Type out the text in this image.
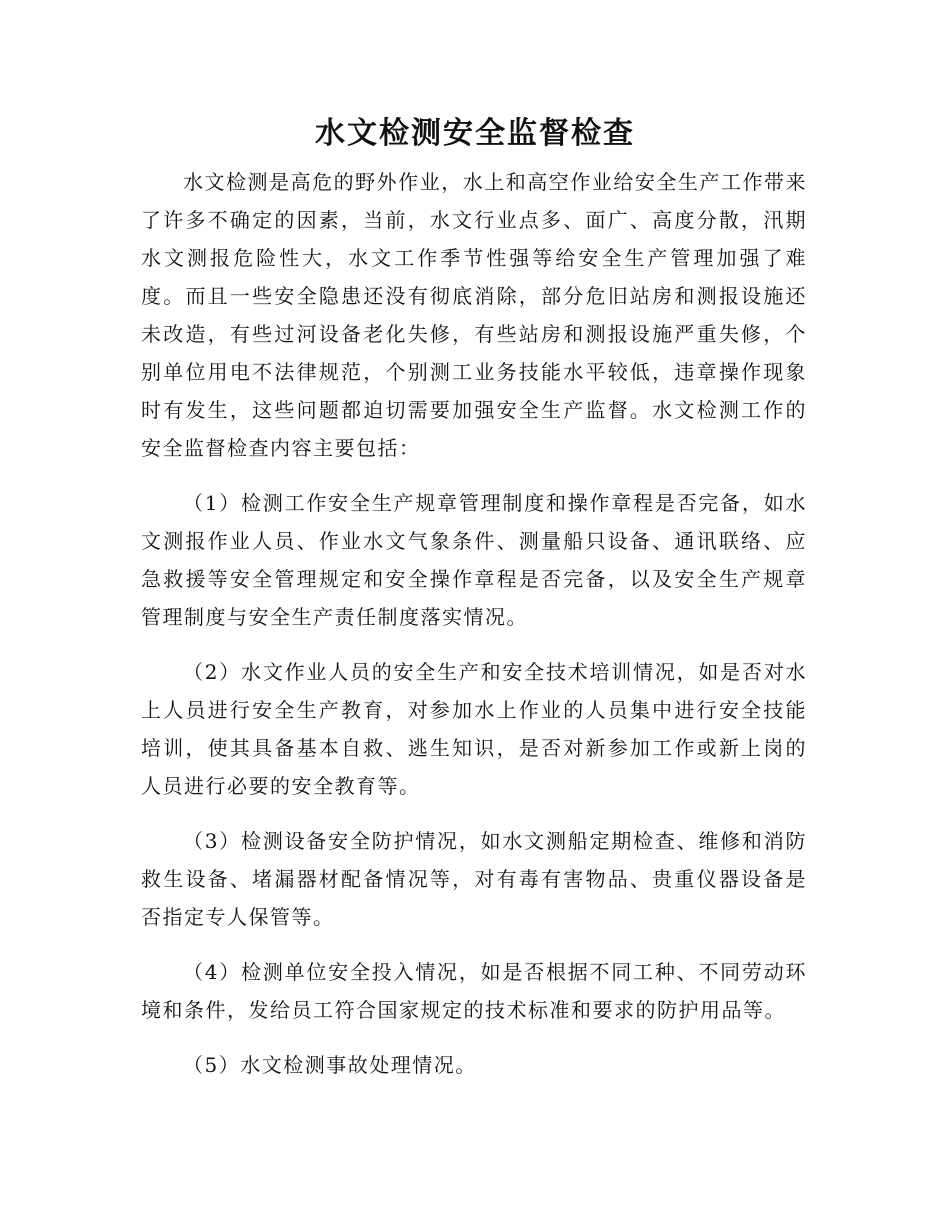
水文检测安全监督检查

水文检测是高危的野外作业，水上和高空作业给安全生产工作带来了许多不确定的因素，当前，水文行业点多、面广、高度分散，汛期水文测报危险性大，水文工作季节性强等给安全生产管理加强了难度。而且一些安全隐患还没有彻底消除，部分危旧站房和测报设施还未改造，有些过河设备老化失修，有些站房和测报设施严重失修，个别单位用电不法律规范，个别测工业务技能水平较低，违章操作现象时有发生，这些问题都迫切需要加强安全生产监督。水文检测工作的安全监督检查内容主要包括：

（1）检测工作安全生产规章管理制度和操作章程是否完备，如水文测报作业人员、作业水文气象条件、测量船只设备、通讯联络、应急救援等安全管理规定和安全操作章程是否完备，以及安全生产规章管理制度与安全生产责任制度落实情况。

（2）水文作业人员的安全生产和安全技术培训情况，如是否对水上人员进行安全生产教育，对参加水上作业的人员集中进行安全技能培训，使其具备基本自救、逃生知识，是否对新参加工作或新上岗的人员进行必要的安全教育等。

（3）检测设备安全防护情况，如水文测船定期检查、维修和消防救生设备、堵漏器材配备情况等，对有毒有害物品、贵重仪器设备是否指定专人保管等。

（4）检测单位安全投入情况，如是否根据不同工种、不同劳动环境和条件，发给员工符合国家规定的技术标准和要求的防护用品等。

（5）水文检测事故处理情况。
